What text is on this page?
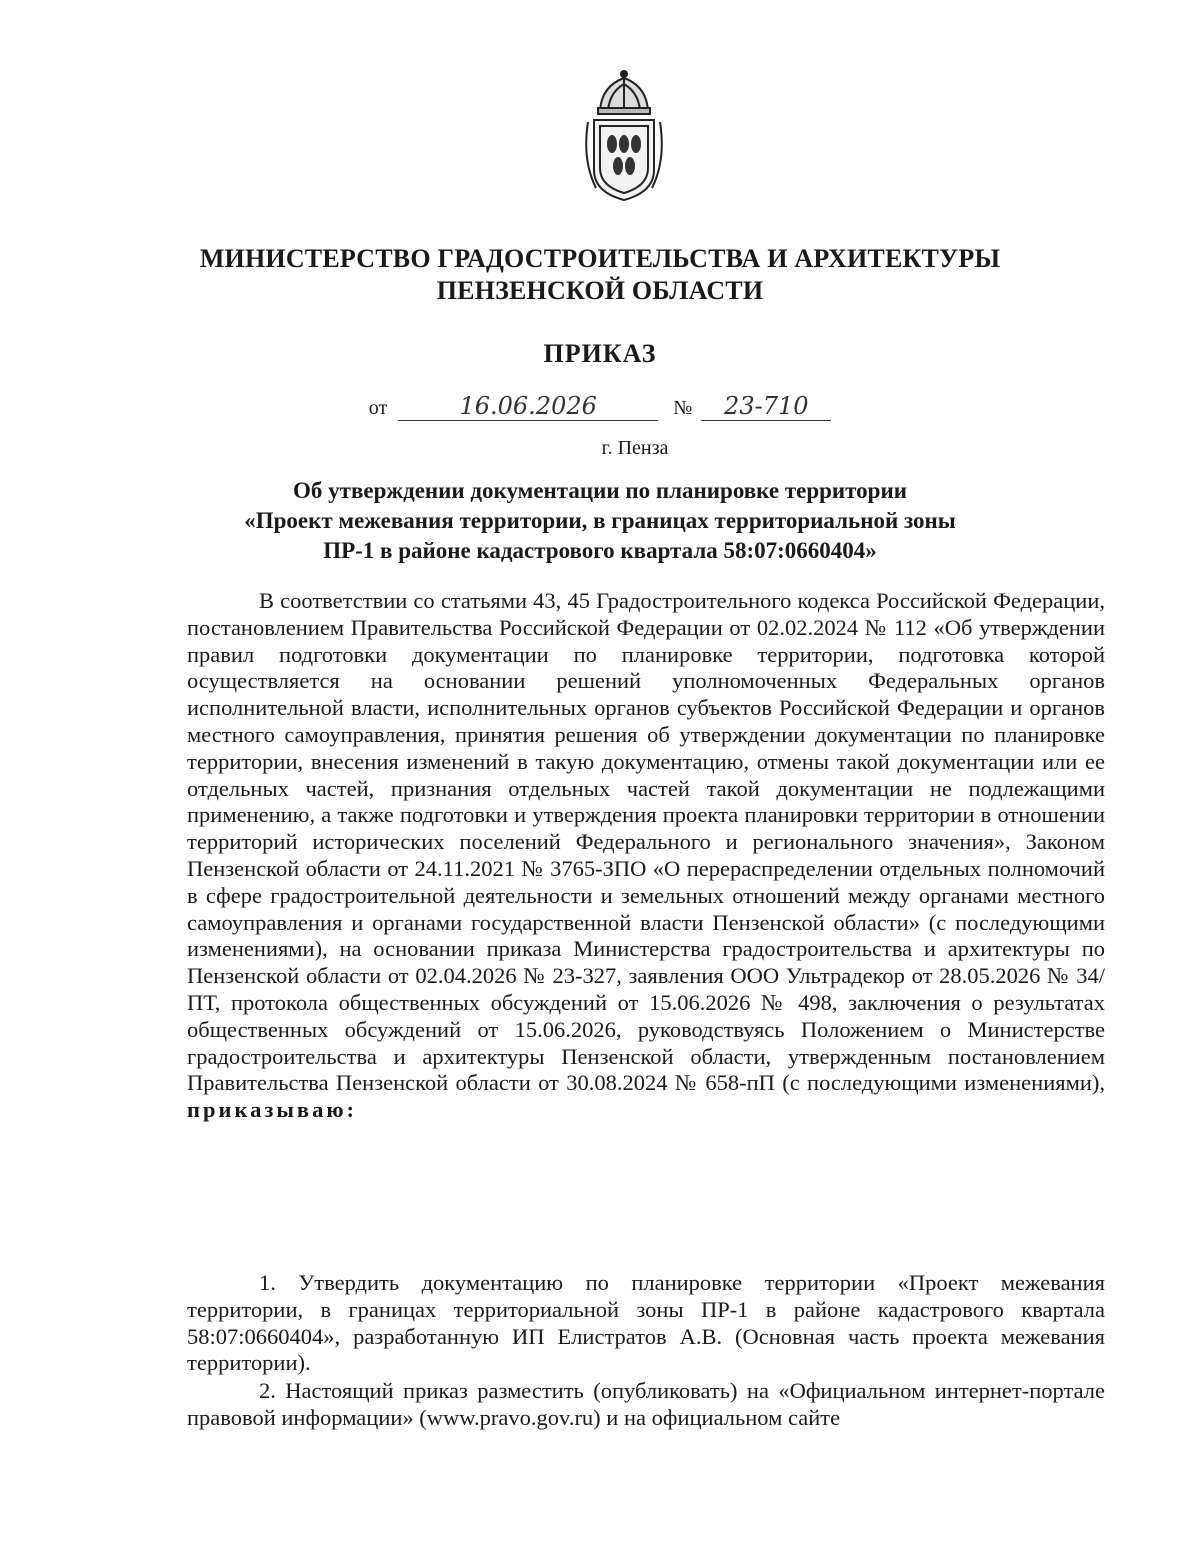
МИНИСТЕРСТВО ГРАДОСТРОИТЕЛЬСТВА И АРХИТЕКТУРЫ
ПЕНЗЕНСКОЙ ОБЛАСТИ
ПРИКАЗ
от	16.06.2026	№ 23-710
г. Пенза
Об утверждении документации по планировке территории
«Проект межевания территории, в границах территориальной зоны
ПР-1 в районе кадастрового квартала 58:07:0660404»

В соответствии со статьями 43, 45 Градостроительного кодекса Российской Федерации, постановлением Правительства Российской Федерации от 02.02.2024 № 112 «Об утверждении правил подготовки документации по планировке территории, подготовка которой осуществляется на основании решений уполномоченных Федеральных органов исполнительной власти, исполнительных органов субъектов Российской Федерации и органов местного самоуправления, принятия решения об утверждении документации по планировке территории, внесения изменений в такую документацию, отмены такой документации или ее отдельных частей, признания отдельных частей такой документации не подлежащими применению, а также подготовки и утверждения проекта планировки территории в отношении территорий исторических поселений Федерального и регионального значения», Законом Пензенской области от 24.11.2021 № 3765-ЗПО «О перераспределении отдельных полномочий в сфере градостроительной деятельности и земельных отношений между органами местного самоуправления и органами государственной власти Пензенской области» (с последующими изменениями), на основании приказа Министерства градостроительства и архитектуры по Пензенской области от 02.04.2026 № 23-327, заявления ООО Ультрадекор от 28.05.2026 № 34/ПТ, протокола общественных обсуждений от 15.06.2026 № 498, заключения о результатах общественных обсуждений от 15.06.2026, руководствуясь Положением о Министерстве градостроительства и архитектуры Пензенской области, утвержденным постановлением Правительства Пензенской области от 30.08.2024 № 658-пП (с последующими изменениями), приказываю:

1. Утвердить документацию по планировке территории «Проект межевания территории, в границах территориальной зоны ПР-1 в районе кадастрового квартала 58:07:0660404», разработанную ИП Елистратов А.В. (Основная часть проекта межевания территории).

2. Настоящий приказ разместить (опубликовать) на «Официальном интернет-портале правовой информации» (www.pravo.gov.ru) и на официальном сайте
